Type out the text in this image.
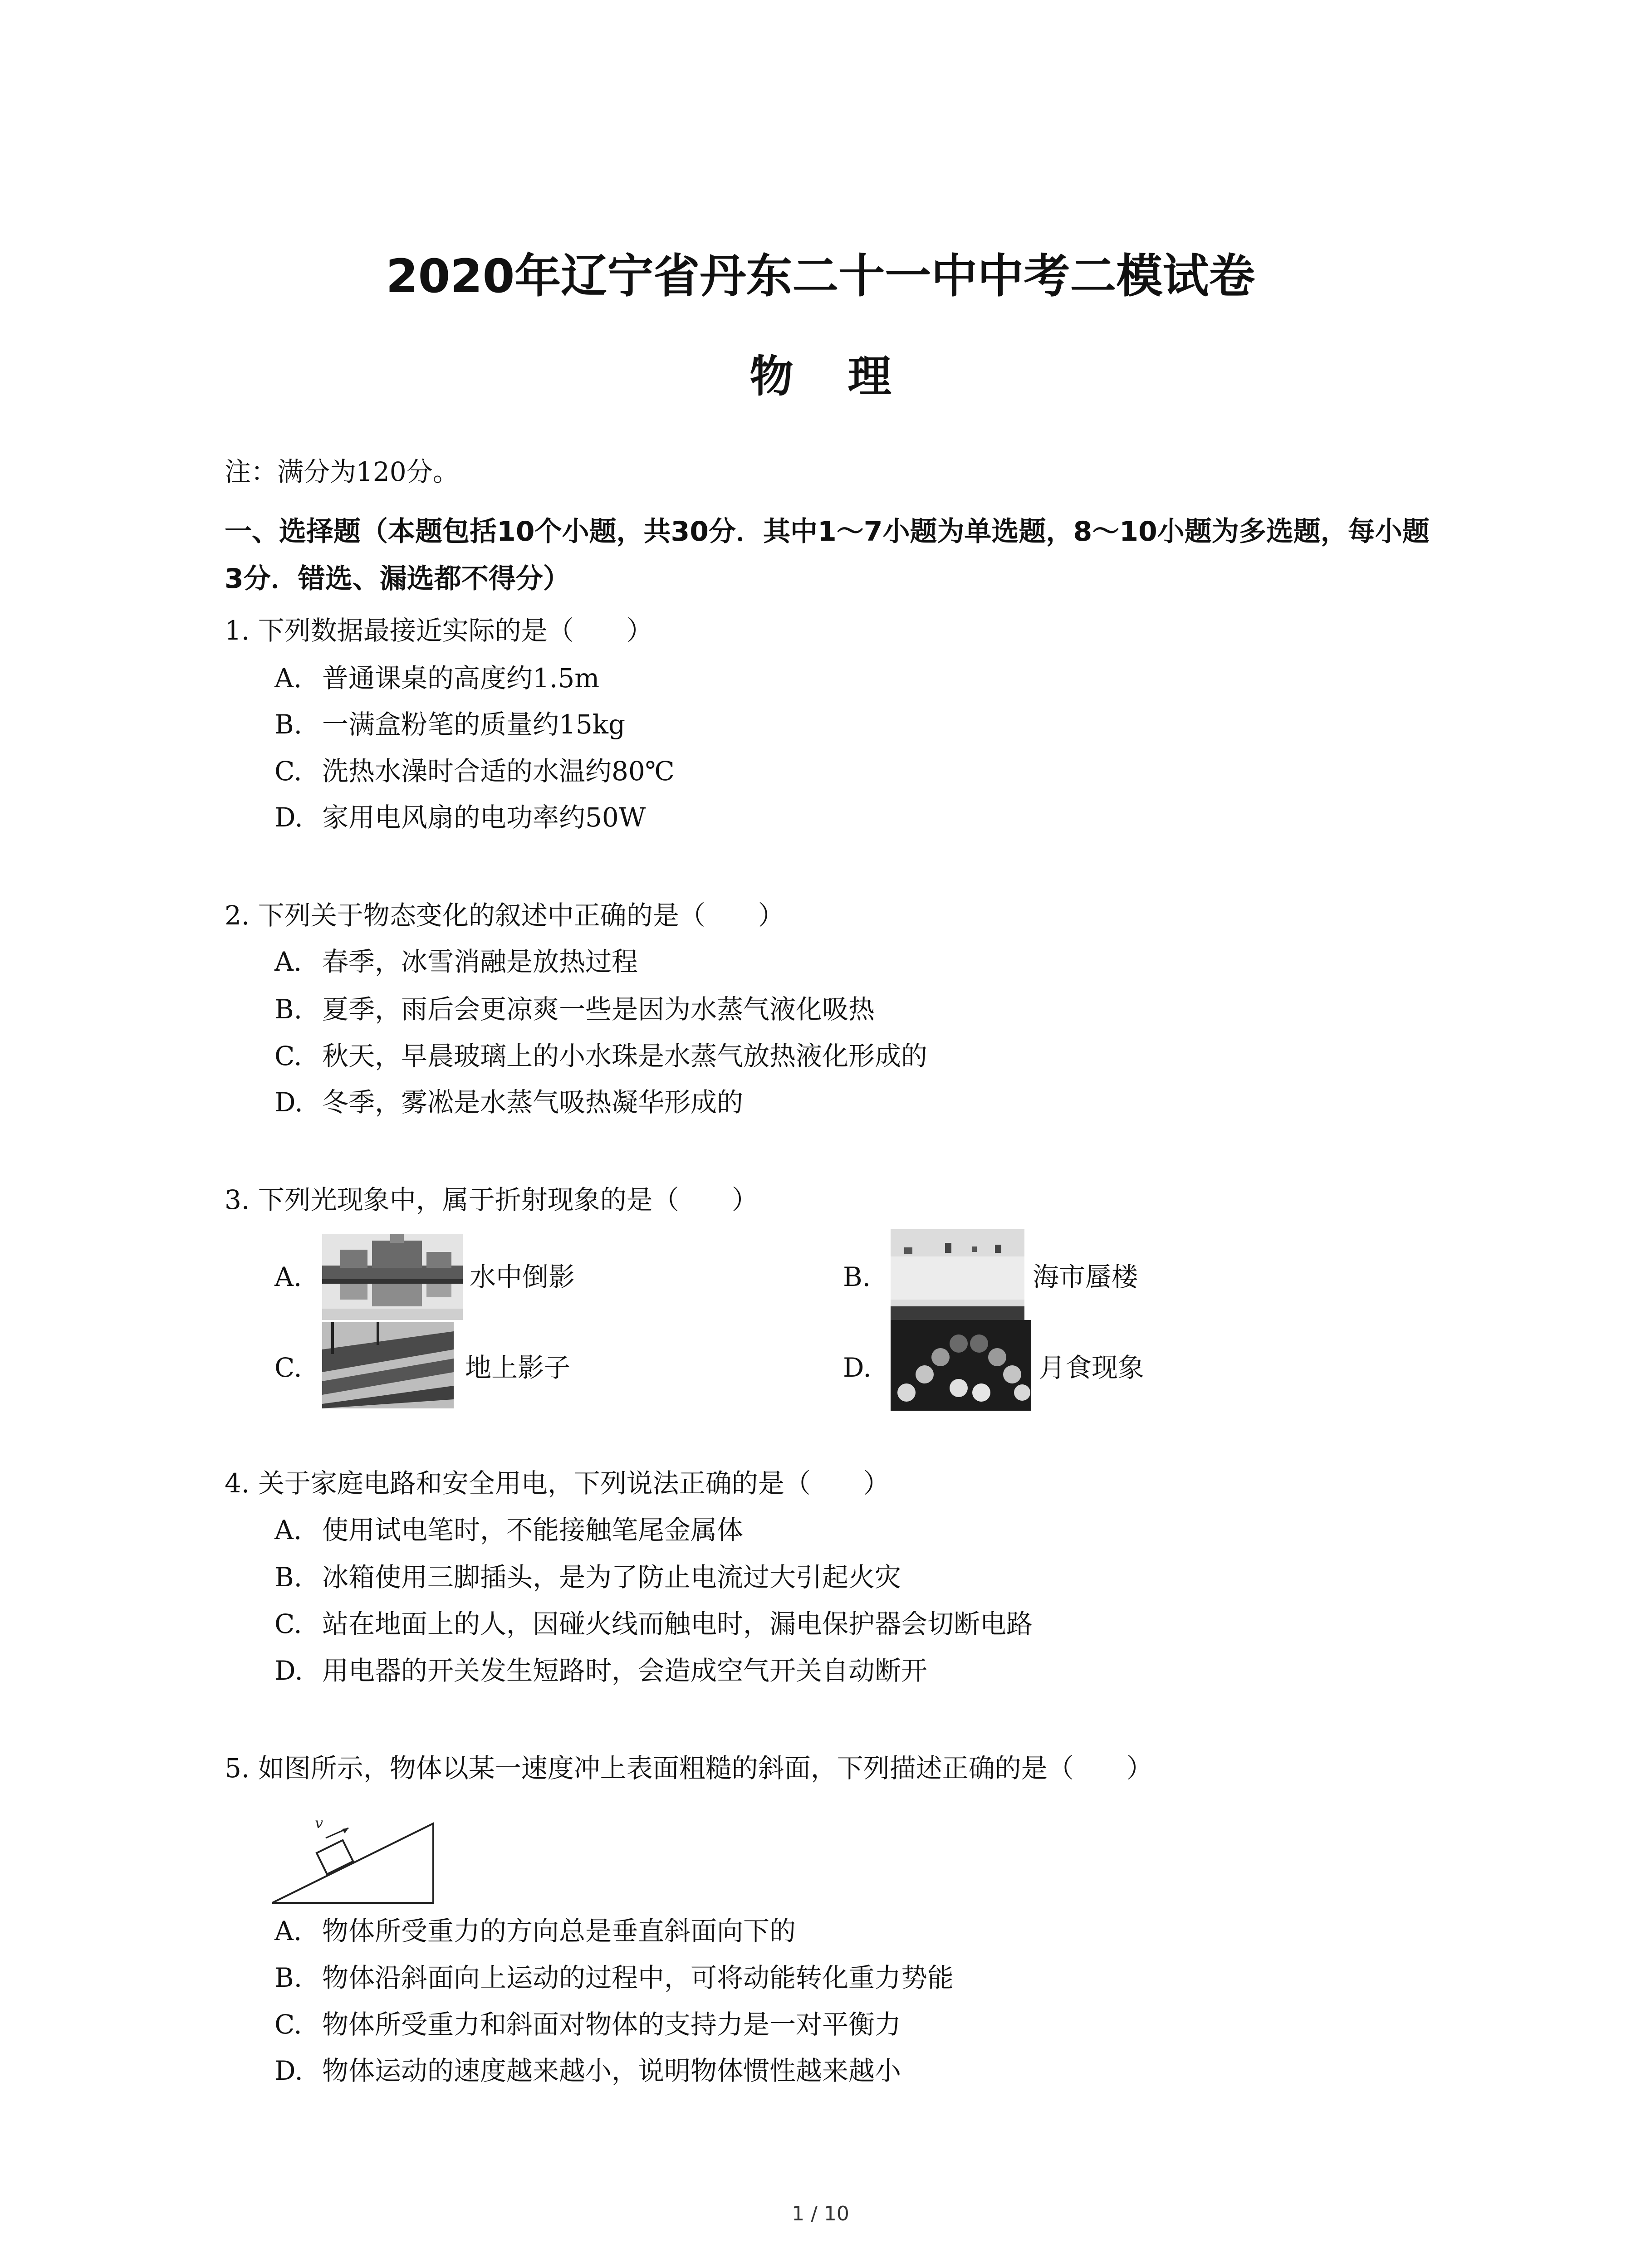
2020年辽宁省丹东二十一中中考二模试卷
物理
注：满分为120分。
一、选择题（本题包括10个小题，共30分．其中1～7小题为单选题，8～10小题为多选题，每小题3分．错选、漏选都不得分）
1. 下列数据最接近实际的是（　　）
A. 普通课桌的高度约1.5m
B. 一满盒粉笔的质量约15kg
C. 洗热水澡时合适的水温约80℃
D. 家用电风扇的电功率约50W
2. 下列关于物态变化的叙述中正确的是（　　）
A. 春季，冰雪消融是放热过程
B. 夏季，雨后会更凉爽一些是因为水蒸气液化吸热
C. 秋天，早晨玻璃上的小水珠是水蒸气放热液化形成的
D. 冬季，雾凇是水蒸气吸热凝华形成的
3. 下列光现象中，属于折射现象的是（　　）
A.	水中倒影	B.	海市蜃楼
C.	地上影子	D.	月食现象
4. 关于家庭电路和安全用电，下列说法正确的是（　　）
A. 使用试电笔时，不能接触笔尾金属体
B. 冰箱使用三脚插头，是为了防止电流过大引起火灾
C. 站在地面上的人，因碰火线而触电时，漏电保护器会切断电路
D. 用电器的开关发生短路时，会造成空气开关自动断开
5. 如图所示，物体以某一速度冲上表面粗糙的斜面，下列描述正确的是（　　）
v
A. 物体所受重力的方向总是垂直斜面向下的
B. 物体沿斜面向上运动的过程中，可将动能转化重力势能
C. 物体所受重力和斜面对物体的支持力是一对平衡力
D. 物体运动的速度越来越小，说明物体惯性越来越小
1 / 10
